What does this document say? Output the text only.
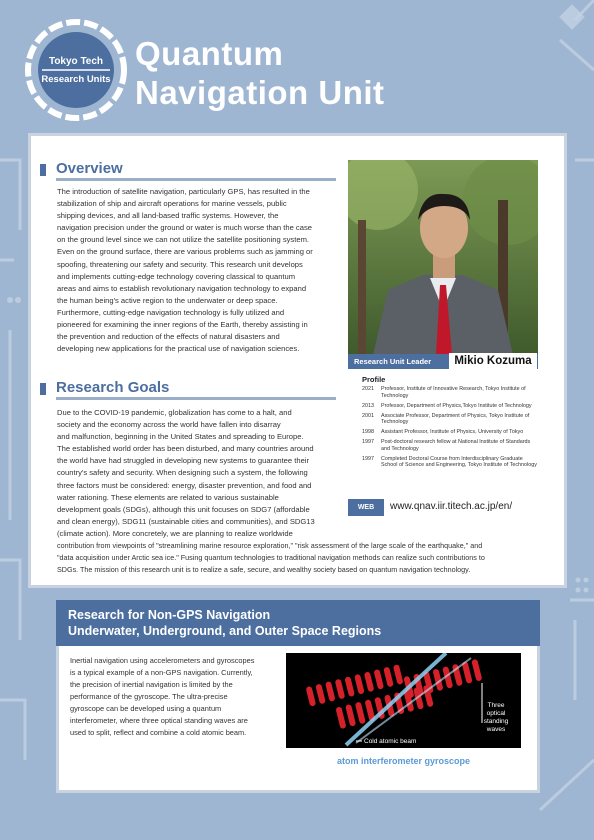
Tokyo Tech
Research Units
Quantum
Navigation Unit
Overview
The introduction of satellite navigation, particularly GPS, has resulted in the
stabilization of ship and aircraft operations for marine vessels, public
shipping devices, and all land-based traffic systems. However, the
navigation precision under the ground or water is much worse than the case
on the ground level since we can not utilize the satellite positioning system.
Even on the ground surface, there are various problems such as jamming or
spoofing, threatening our safety and security. This research unit develops
and implements cutting-edge technology covering classical to quantum
areas and aims to establish revolutionary navigation technology to expand
the human being's active region to the underwater or deep space.
Furthermore, cutting-edge navigation technology is fully utilized and
pioneered for examining the inner regions of the Earth, thereby assisting in
the prevention and reduction of the effects of natural disasters and
developing new applications for the practical use of navigation sciences.
Research Goals
Due to the COVID-19 pandemic, globalization has come to a halt, and
society and the economy across the world have fallen into disarray
and malfunction, beginning in the United States and spreading to Europe.
The established world order has been disturbed, and many countries around
the world have had struggled in developing new systems to guarantee their
country's safety and security. When designing such a system, the following
three factors must be considered: energy, disaster prevention, and food and
water rationing. These elements are related to various sustainable
development goals (SDGs), although this unit focuses on SDG7 (affordable
and clean energy), SDG11 (sustainable cities and communities), and SDG13
(climate action). More concretely, we are planning to realize worldwide
contribution from viewpoints of "streamlining marine resource exploration," "risk assessment of the large scale of the earthquake," and
"data acquisition under Arctic sea ice." Fusing quantum technologies to traditional navigation methods can realize such contributions to
SDGs. The mission of this research unit is to realize a safe, secure, and wealthy society based on quantum navigation technology.
Research Unit Leader	Mikio Kozuma
Profile
2021	Professor, Institute of Innovative Research, Tokyo Institute of Technology
2013	Professor, Department of Physics,Tokyo Institute of Technology
2001	Associate Professor, Department of Physics, Tokyo Institute of Technology
1998	Assistant Professor, Institute of Physics, University of Tokyo
1997	Post-doctoral research fellow at National Institute of Standards and Technology
1997	Completed Doctoral Course from Interdisciplinary Graduate School of Science and Engineering, Tokyo Institute of Technology
WEB	www.qnav.iir.titech.ac.jp/en/
Research for Non-GPS Navigation
Underwater, Underground, and Outer Space Regions
Inertial navigation using accelerometers and gyroscopes
is a typical example of a non-GPS navigation. Currently,
the precision of inertial navigation is limited by the
performance of the gyroscope. The ultra-precise
gyroscope can be developed using a quantum
interferometer, where three optical standing waves are
used to split, reflect and combine a cold atomic beam.
Cold atomic beam
Three optical standing waves
atom interferometer gyroscope
